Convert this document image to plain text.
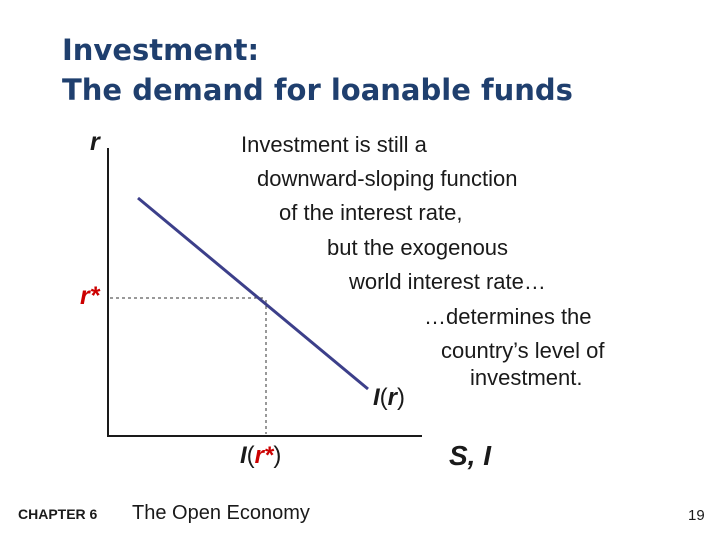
Investment:
The demand for loanable funds
r
r*
Investment is still a
downward-sloping function
of the interest rate,
but the exogenous
world interest rate…
…determines the
country’s level of
investment.
I(r)
I(r*)	S, I
CHAPTER 6 The Open Economy	19
